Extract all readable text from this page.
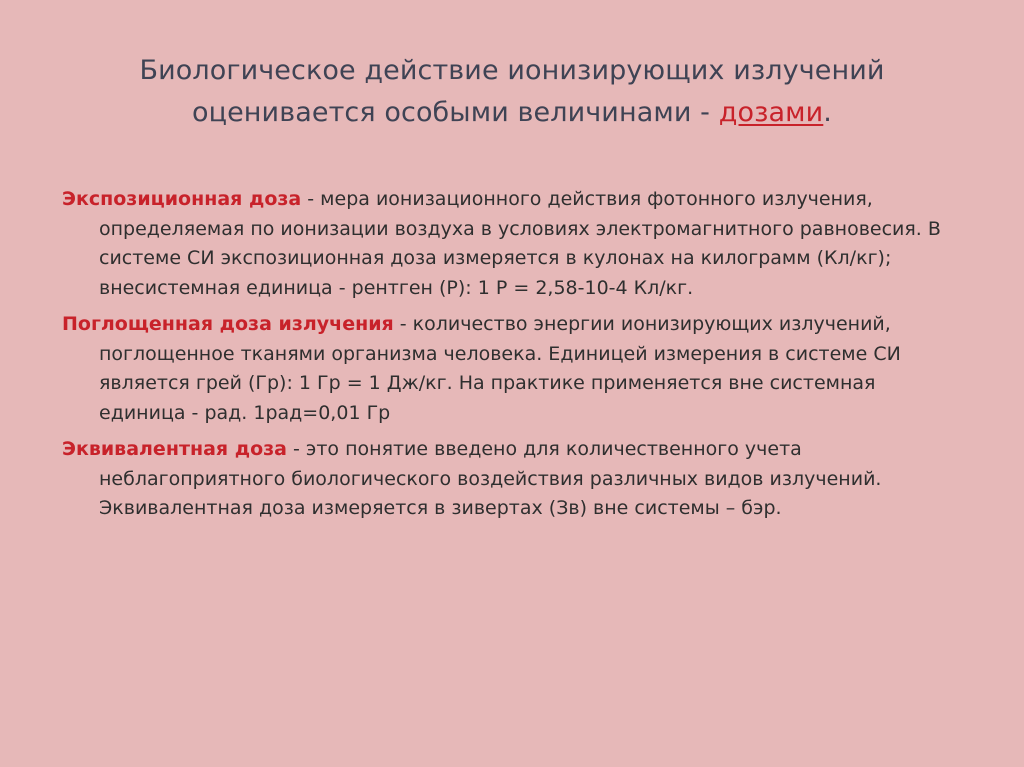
Биологическое действие ионизирующих излучений
оценивается особыми величинами - дозами.

Экспозиционная доза - мера ионизационного действия фотонного излучения, определяемая по ионизации воздуха в условиях электромагнитного равновесия. В системе СИ экспозиционная доза измеряется в кулонах на килограмм (Кл/кг); внесистемная единица - рентген (Р): 1 Р = 2,58-10-4 Кл/кг.

Поглощенная доза излучения - количество энергии ионизирующих излучений, поглощенное тканями организма человека. Единицей измерения в системе СИ является грей (Гр): 1 Гр = 1 Дж/кг. На практике применяется вне системная единица - рад. 1рад=0,01 Гр

Эквивалентная доза - это понятие введено для количественного учета неблагоприятного биологического воздействия различных видов излучений. Эквивалентная доза измеряется в зивертах (Зв) вне системы – бэр.
